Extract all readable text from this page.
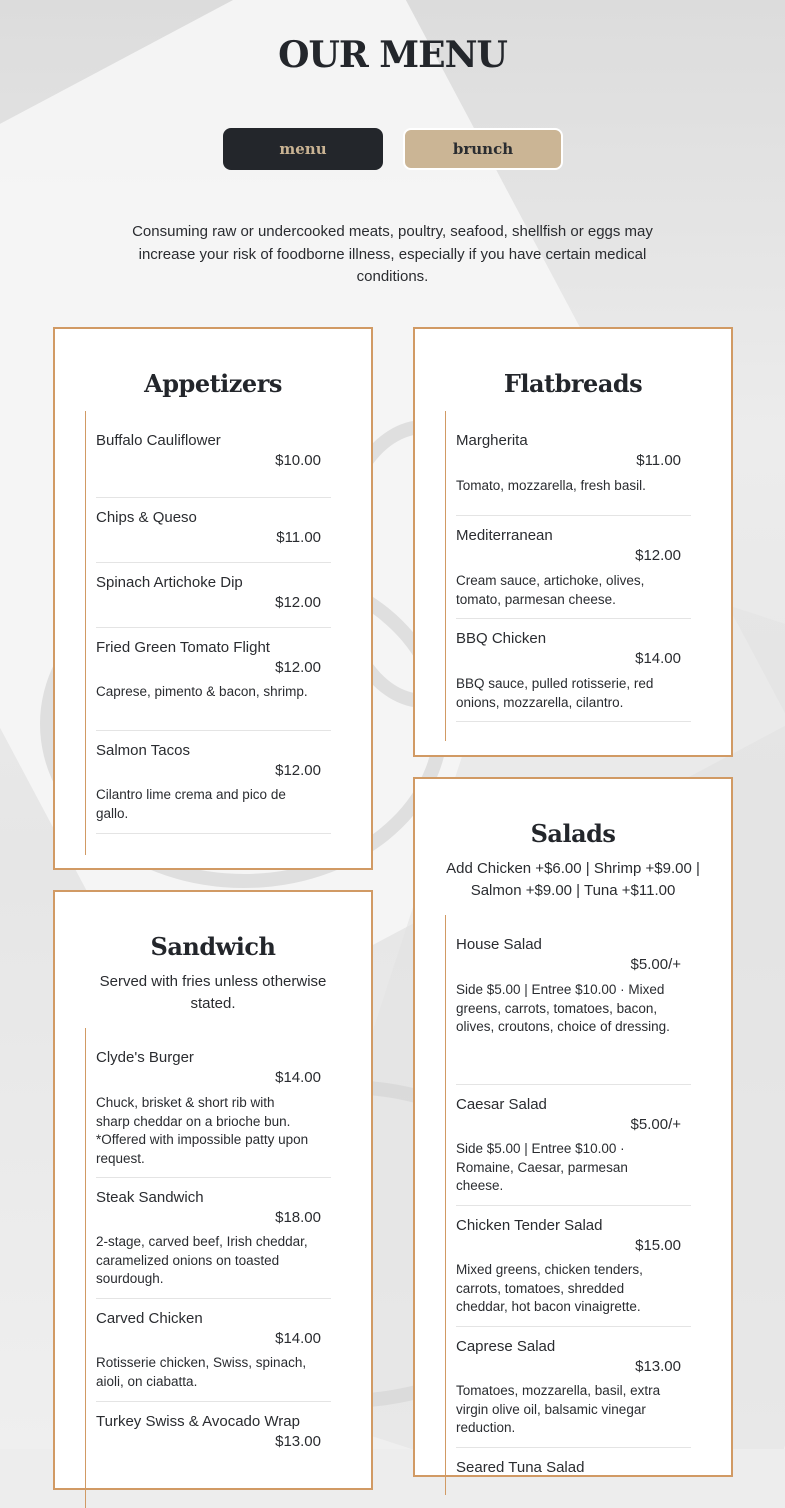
OUR MENU
menu	brunch

Consuming raw or undercooked meats, poultry, seafood, shellfish or eggs may increase your risk of foodborne illness, especially if you have certain medical conditions.

Appetizers
Buffalo Cauliflower
$10.00
Chips & Queso
$11.00
Spinach Artichoke Dip
$12.00
Fried Green Tomato Flight
$12.00
Caprese, pimento & bacon, shrimp.
Salmon Tacos
$12.00
Cilantro lime crema and pico de gallo.
Flatbreads
Margherita
$11.00
Tomato, mozzarella, fresh basil.
Mediterranean
$12.00
Cream sauce, artichoke, olives, tomato, parmesan cheese.
BBQ Chicken
$14.00
BBQ sauce, pulled rotisserie, red onions, mozzarella, cilantro.
Salads

Add Chicken +$6.00 | Shrimp +$9.00 | Salmon +$9.00 | Tuna +$11.00

House Salad
$5.00/+
Side $5.00 | Entree $10.00 · Mixed greens, carrots, tomatoes, bacon, olives, croutons, choice of dressing.
Caesar Salad
$5.00/+
Side $5.00 | Entree $10.00 · Romaine, Caesar, parmesan cheese.
Chicken Tender Salad
$15.00
Mixed greens, chicken tenders, carrots, tomatoes, shredded cheddar, hot bacon vinaigrette.
Caprese Salad
$13.00
Tomatoes, mozzarella, basil, extra virgin olive oil, balsamic vinegar reduction.
Seared Tuna Salad
Sandwich

Served with fries unless otherwise stated.

Clyde's Burger
$14.00
Chuck, brisket & short rib with sharp cheddar on a brioche bun. *Offered with impossible patty upon request.
Steak Sandwich
$18.00
2-stage, carved beef, Irish cheddar, caramelized onions on toasted sourdough.
Carved Chicken
$14.00
Rotisserie chicken, Swiss, spinach, aioli, on ciabatta.
Turkey Swiss & Avocado Wrap
$13.00
